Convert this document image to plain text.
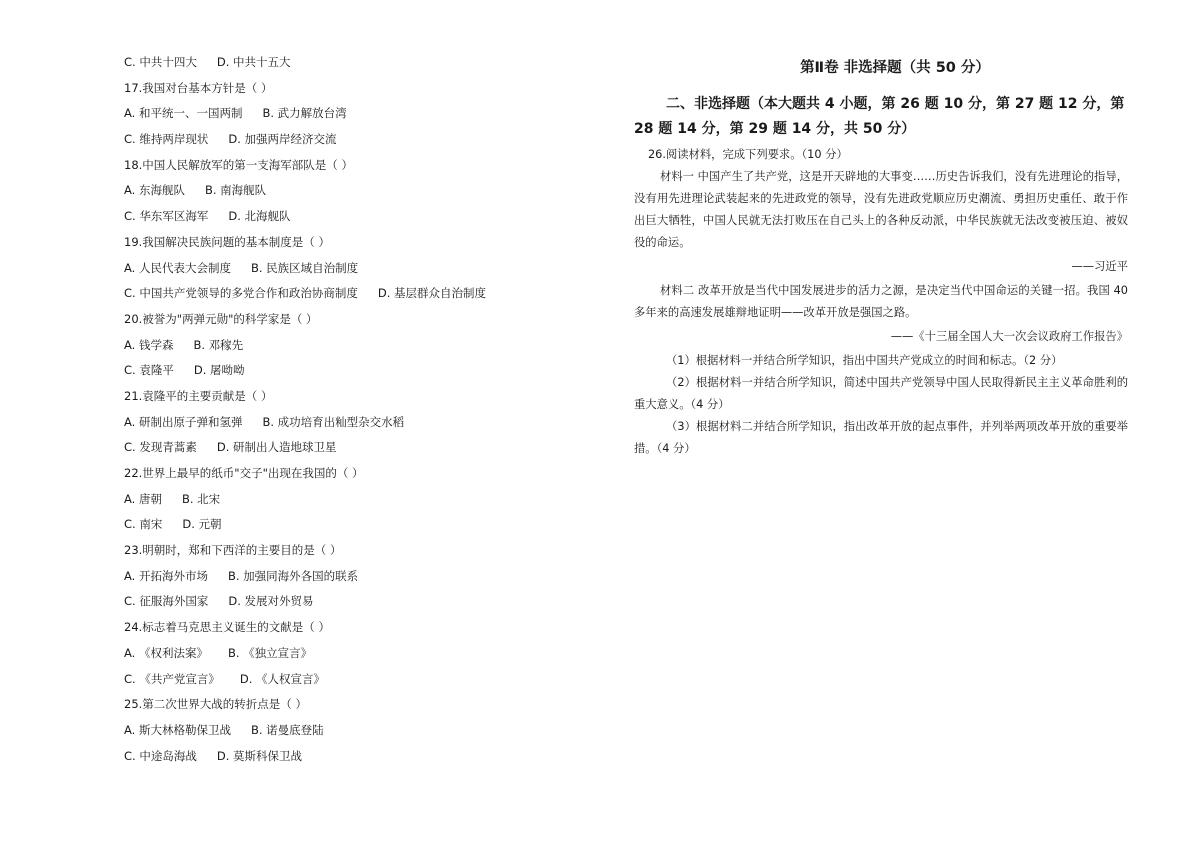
C. 中共十四大 D. 中共十五大
17.我国对台基本方针是（ ）
A. 和平统一、一国两制 B. 武力解放台湾
C. 维持两岸现状 D. 加强两岸经济交流
18.中国人民解放军的第一支海军部队是（ ）
A. 东海舰队 B. 南海舰队
C. 华东军区海军 D. 北海舰队
19.我国解决民族问题的基本制度是（ ）
A. 人民代表大会制度 B. 民族区域自治制度
C. 中国共产党领导的多党合作和政治协商制度 D. 基层群众自治制度
20.被誉为"两弹元勋"的科学家是（ ）
A. 钱学森 B. 邓稼先
C. 袁隆平 D. 屠呦呦
21.袁隆平的主要贡献是（ ）
A. 研制出原子弹和氢弹 B. 成功培育出籼型杂交水稻
C. 发现青蒿素 D. 研制出人造地球卫星
22.世界上最早的纸币"交子"出现在我国的（ ）
A. 唐朝 B. 北宋
C. 南宋 D. 元朝
23.明朝时，郑和下西洋的主要目的是（ ）
A. 开拓海外市场 B. 加强同海外各国的联系
C. 征服海外国家 D. 发展对外贸易
24.标志着马克思主义诞生的文献是（ ）
A. 《权利法案》 B. 《独立宣言》
C. 《共产党宣言》 D. 《人权宣言》
25.第二次世界大战的转折点是（ ）
A. 斯大林格勒保卫战 B. 诺曼底登陆
C. 中途岛海战 D. 莫斯科保卫战
第Ⅱ卷 非选择题（共 50 分）
二、非选择题（本大题共 4 小题，第 26 题 10 分，第 27 题 12 分，第 28 题 14 分，第 29 题 14 分，共 50 分）
26.阅读材料，完成下列要求。（10 分）
材料一 中国产生了共产党，这是开天辟地的大事变……历史告诉我们，没有先进理论的指导，没有用先进理论武装起来的先进政党的领导，没有先进政党顺应历史潮流、勇担历史重任、敢于作出巨大牺牲，中国人民就无法打败压在自己头上的各种反动派，中华民族就无法改变被压迫、被奴役的命运。
——习近平
材料二 改革开放是当代中国发展进步的活力之源，是决定当代中国命运的关键一招。我国 40 多年来的高速发展雄辩地证明——改革开放是强国之路。
——《十三届全国人大一次会议政府工作报告》
（1）根据材料一并结合所学知识，指出中国共产党成立的时间和标志。（2 分）
（2）根据材料一并结合所学知识，简述中国共产党领导中国人民取得新民主主义革命胜利的重大意义。（4 分）
（3）根据材料二并结合所学知识，指出改革开放的起点事件，并列举两项改革开放的重要举措。（4 分）
